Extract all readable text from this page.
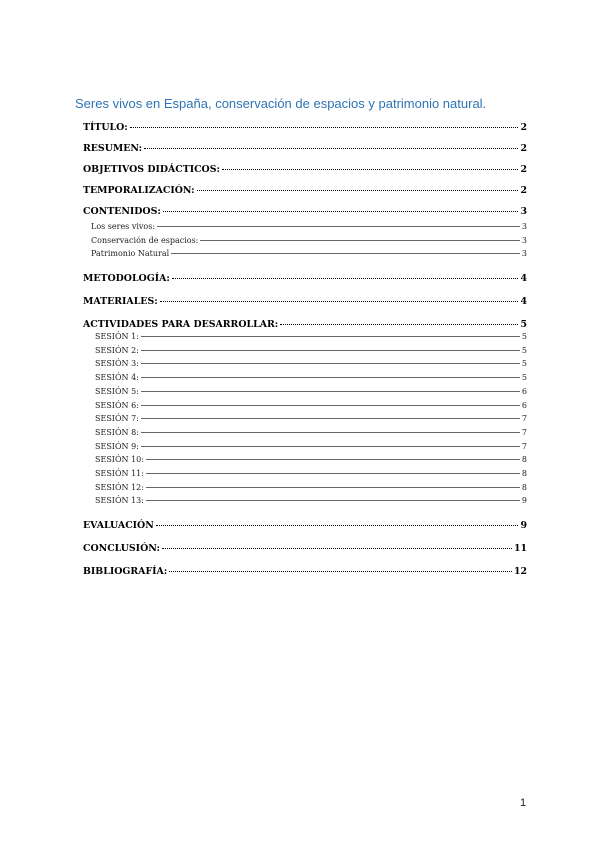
Seres vivos en España, conservación de espacios y patrimonio natural.
TÍTULO:	2
RESUMEN:	2
OBJETIVOS DIDÁCTICOS:	2
TEMPORALIZACIÓN:	2
CONTENIDOS:	3
Los seres vivos:	3
Conservación de espacios:	3
Patrimonio Natural	3
METODOLOGÍA:	4
MATERIALES:	4
ACTIVIDADES PARA DESARROLLAR:	5
SESIÓN 1:	5
SESIÓN 2:	5
SESIÓN 3:	5
SESIÓN 4:	5
SESIÓN 5:	6
SESIÓN 6:	6
SESIÓN 7:	7
SESIÓN 8:	7
SESIÓN 9:	7
SESIÓN 10:	8
SESIÓN 11:	8
SESIÓN 12:	8
SESIÓN 13:	9
EVALUACIÓN	9
CONCLUSIÓN:	11
BIBLIOGRAFÍA:	12
1
